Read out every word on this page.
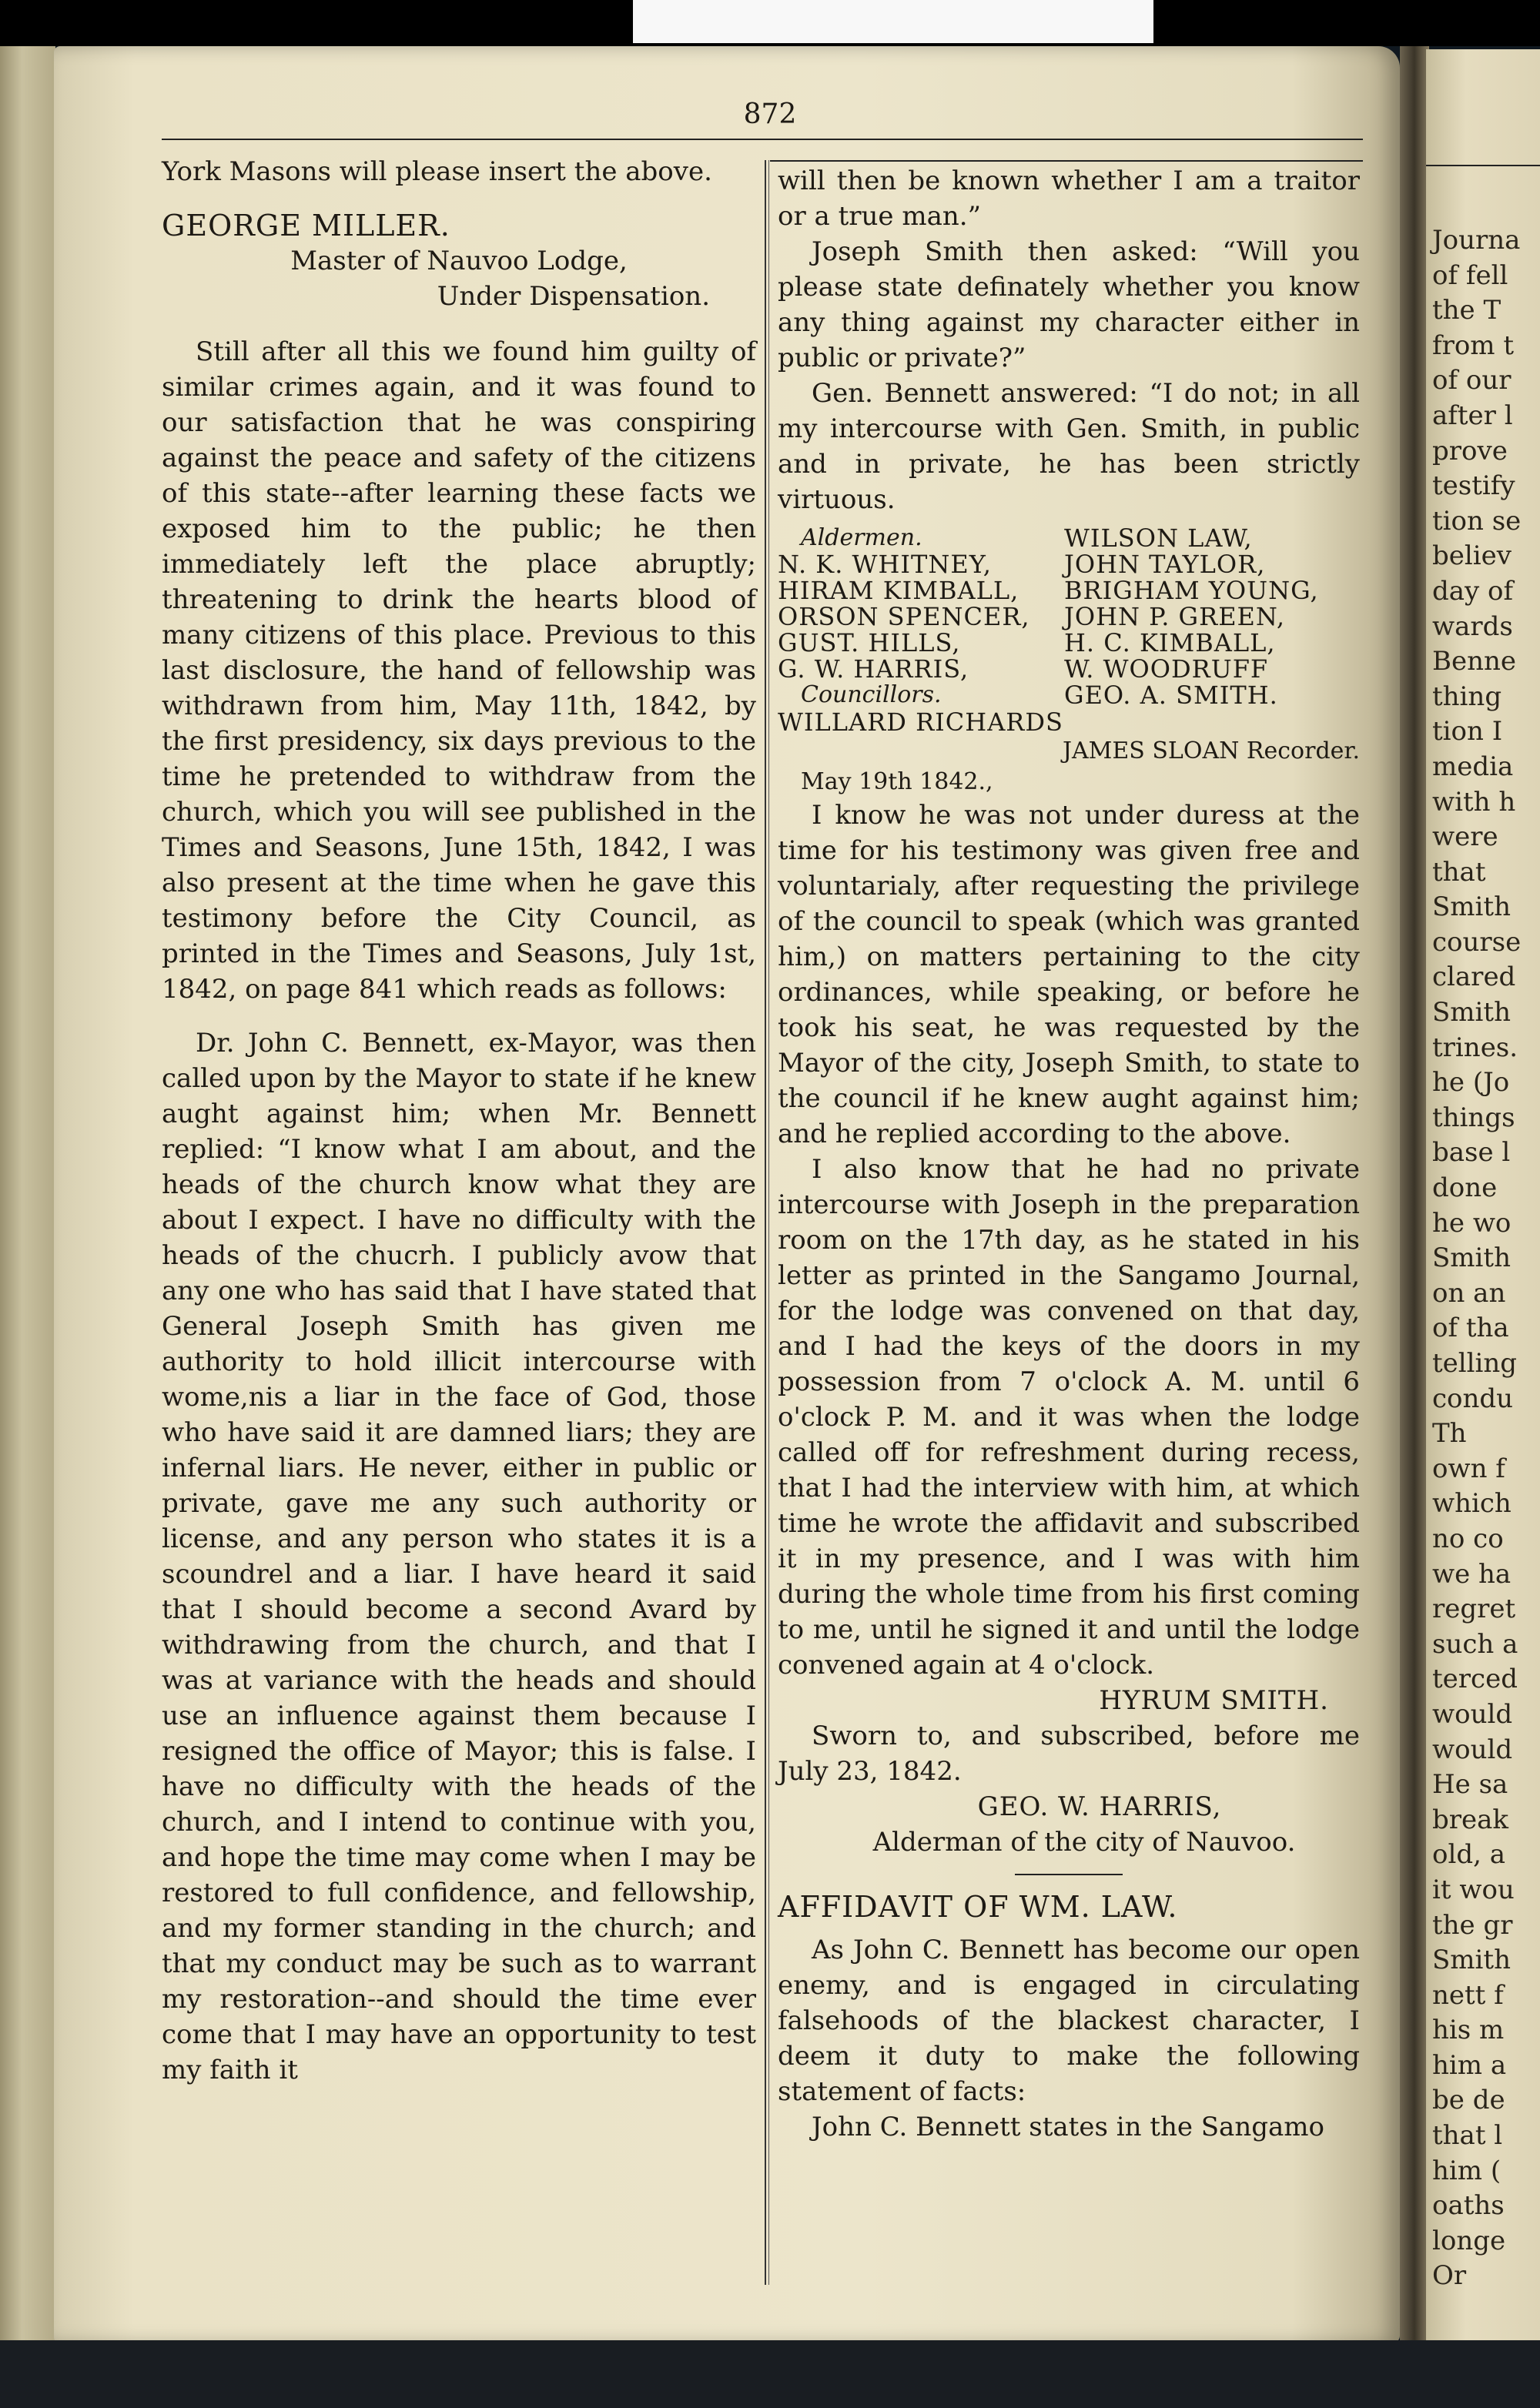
Journa
of fell
the T
from t
of our
after l
prove
testify
tion se
believ
day of
wards
Benne
thing
tion I
media
with h
were
that
Smith
course
clared
Smith
trines.
he (Jo
things
base l
done
he wo
Smith
on an
of tha
telling
condu
Th
own f
which
no co
we ha
regret
such a
terced
would
would
He sa
break
old, a
it wou
the gr
Smith
nett f
his m
him a
be de
that l
him (
oaths
longe
Or
872

York Masons will please insert the above.

GEORGE MILLER.

Master of Nauvoo Lodge,

Under Dispensation.

Still after all this we found him guilty of similar crimes again, and it was found to our satisfaction that he was conspiring against the peace and safety of the citizens of this state--after learning these facts we exposed him to the public; he then immediately left the place abruptly; threatening to drink the hearts blood of many citizens of this place. Previous to this last disclosure, the hand of fellowship was withdrawn from him, May 11th, 1842, by the first presidency, six days previous to the time he pretended to withdraw from the church, which you will see published in the Times and Seasons, June 15th, 1842, I was also present at the time when he gave this testimony before the City Council, as printed in the Times and Seasons, July 1st, 1842, on page 841 which reads as follows:

Dr. John C. Bennett, ex-Mayor, was then called upon by the Mayor to state if he knew aught against him; when Mr. Bennett replied: “I know what I am about, and the heads of the church know what they are about I expect. I have no difficulty with the heads of the chucrh. I publicly avow that any one who has said that I have stated that General Joseph Smith has given me authority to hold illicit intercourse with wome,nis a liar in the face of God, those who have said it are damned liars; they are infernal liars. He never, either in public or private, gave me any such authority or license, and any person who states it is a scoundrel and a liar. I have heard it said that I should become a second Avard by withdrawing from the church, and that I was at variance with the heads and should use an influence against them because I resigned the office of Mayor; this is false. I have no difficulty with the heads of the church, and I intend to continue with you, and hope the time may come when I may be restored to full confidence, and fellowship, and my former standing in the church; and that my conduct may be such as to warrant my restoration--and should the time ever come that I may have an opportunity to test my faith it

will then be known whether I am a traitor or a true man.”

Joseph Smith then asked: “Will you please state definately whether you know any thing against my character either in public or private?”

Gen. Bennett answered: “I do not; in all my intercourse with Gen. Smith, in public and in private, he has been strictly virtuous.

Aldermen.	WILSON LAW,
N. K. WHITNEY,	JOHN TAYLOR,
HIRAM KIMBALL,	BRIGHAM YOUNG,
ORSON SPENCER,	JOHN P. GREEN,
GUST. HILLS,	H. C. KIMBALL,
G. W. HARRIS,	W. WOODRUFF
Councillors.	GEO. A. SMITH.

WILLARD RICHARDS

JAMES SLOAN Recorder.

May 19th 1842.,

I know he was not under duress at the time for his testimony was given free and voluntarialy, after requesting the privilege of the council to speak (which was granted him,) on matters pertaining to the city ordinances, while speaking, or before he took his seat, he was requested by the Mayor of the city, Joseph Smith, to state to the council if he knew aught against him; and he replied according to the above.

I also know that he had no private intercourse with Joseph in the preparation room on the 17th day, as he stated in his letter as printed in the Sangamo Journal, for the lodge was convened on that day, and I had the keys of the doors in my possession from 7 o'clock A. M. until 6 o'clock P. M. and it was when the lodge called off for refreshment during recess, that I had the interview with him, at which time he wrote the affidavit and subscribed it in my presence, and I was with him during the whole time from his first coming to me, until he signed it and until the lodge convened again at 4 o'clock.

HYRUM SMITH.

Sworn to, and subscribed, before me July 23, 1842.

GEO. W. HARRIS,

Alderman of the city of Nauvoo.

AFFIDAVIT OF WM. LAW.

As John C. Bennett has become our open enemy, and is engaged in circulating falsehoods of the blackest character, I deem it duty to make the following statement of facts:

John C. Bennett states in the Sangamo
